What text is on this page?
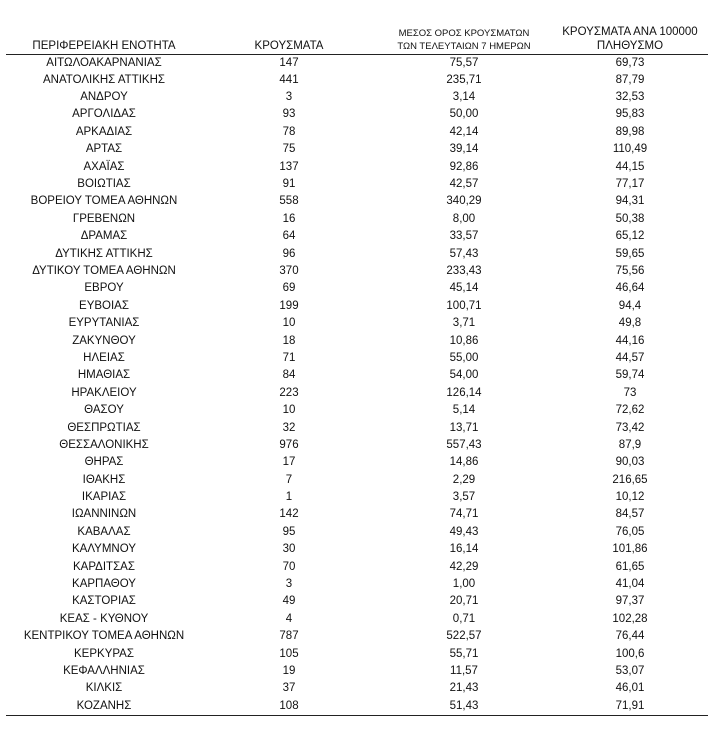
ΠΕΡΙΦΕΡΕΙΑΚΗ ΕΝΟΤΗΤΑ	ΚΡΟΥΣΜΑΤΑ	ΜΕΣΟΣ ΟΡΟΣ ΚΡΟΥΣΜΑΤΩΝ
ΤΩΝ ΤΕΛΕΥΤΑΙΩΝ 7 ΗΜΕΡΩΝ	ΚΡΟΥΣΜΑΤΑ ΑΝΑ 100000
ΠΛΗΘΥΣΜΟ
ΑΙΤΩΛΟΑΚΑΡΝΑΝΙΑΣ	147	75,57	69,73
ΑΝΑΤΟΛΙΚΗΣ ΑΤΤΙΚΗΣ	441	235,71	87,79
ΑΝΔΡΟΥ	3	3,14	32,53
ΑΡΓΟΛΙΔΑΣ	93	50,00	95,83
ΑΡΚΑΔΙΑΣ	78	42,14	89,98
ΑΡΤΑΣ	75	39,14	110,49
ΑΧΑΪΑΣ	137	92,86	44,15
ΒΟΙΩΤΙΑΣ	91	42,57	77,17
ΒΟΡΕΙΟΥ ΤΟΜΕΑ ΑΘΗΝΩΝ	558	340,29	94,31
ΓΡΕΒΕΝΩΝ	16	8,00	50,38
ΔΡΑΜΑΣ	64	33,57	65,12
ΔΥΤΙΚΗΣ ΑΤΤΙΚΗΣ	96	57,43	59,65
ΔΥΤΙΚΟΥ ΤΟΜΕΑ ΑΘΗΝΩΝ	370	233,43	75,56
ΕΒΡΟΥ	69	45,14	46,64
ΕΥΒΟΙΑΣ	199	100,71	94,4
ΕΥΡΥΤΑΝΙΑΣ	10	3,71	49,8
ΖΑΚΥΝΘΟΥ	18	10,86	44,16
ΗΛΕΙΑΣ	71	55,00	44,57
ΗΜΑΘΙΑΣ	84	54,00	59,74
ΗΡΑΚΛΕΙΟΥ	223	126,14	73
ΘΑΣΟΥ	10	5,14	72,62
ΘΕΣΠΡΩΤΙΑΣ	32	13,71	73,42
ΘΕΣΣΑΛΟΝΙΚΗΣ	976	557,43	87,9
ΘΗΡΑΣ	17	14,86	90,03
ΙΘΑΚΗΣ	7	2,29	216,65
ΙΚΑΡΙΑΣ	1	3,57	10,12
ΙΩΑΝΝΙΝΩΝ	142	74,71	84,57
ΚΑΒΑΛΑΣ	95	49,43	76,05
ΚΑΛΥΜΝΟΥ	30	16,14	101,86
ΚΑΡΔΙΤΣΑΣ	70	42,29	61,65
ΚΑΡΠΑΘΟΥ	3	1,00	41,04
ΚΑΣΤΟΡΙΑΣ	49	20,71	97,37
ΚΕΑΣ - ΚΥΘΝΟΥ	4	0,71	102,28
ΚΕΝΤΡΙΚΟΥ ΤΟΜΕΑ ΑΘΗΝΩΝ	787	522,57	76,44
ΚΕΡΚΥΡΑΣ	105	55,71	100,6
ΚΕΦΑΛΛΗΝΙΑΣ	19	11,57	53,07
ΚΙΛΚΙΣ	37	21,43	46,01
ΚΟΖΑΝΗΣ	108	51,43	71,91
